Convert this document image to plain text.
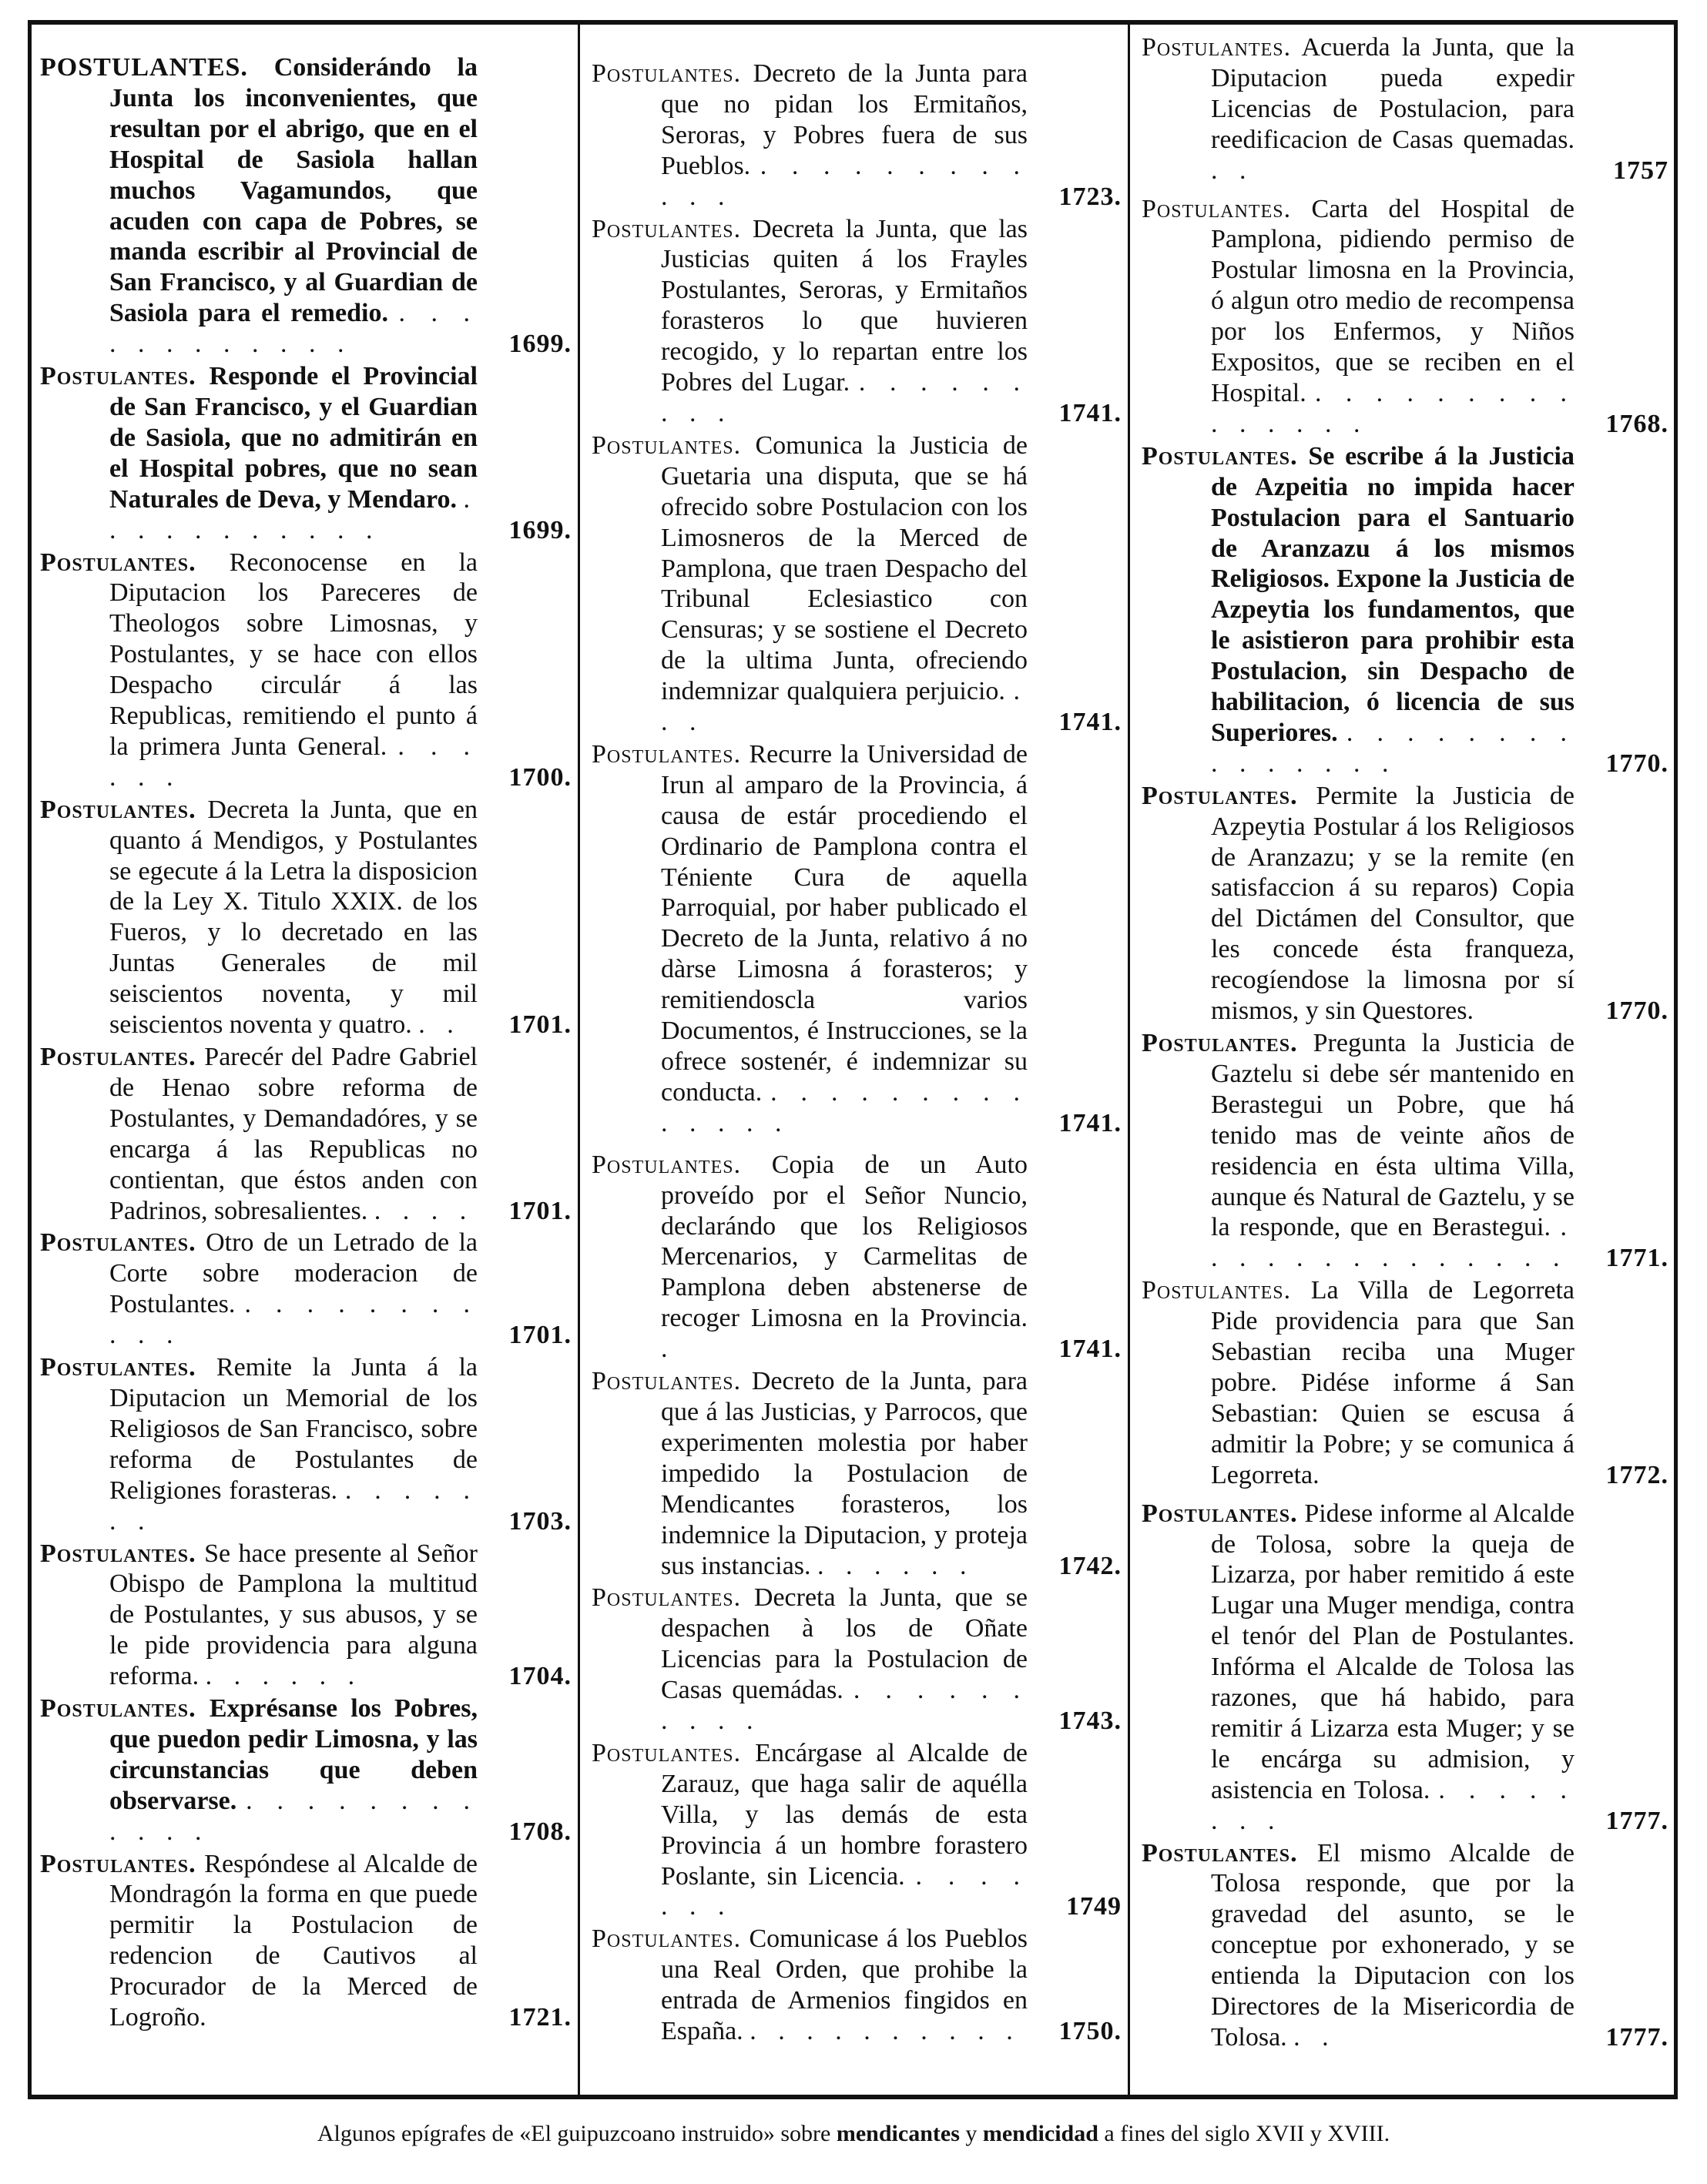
POSTULANTES. Considerándo la Junta los inconvenientes, que resultan por el abrigo, que en el Hospital de Sasiola hallan muchos Vagamundos, que acuden con capa de Pobres, se manda escribir al Provincial de San Francisco, y al Guardian de Sasiola para el remedio. . . . . . . . . . . . .	1699.

Postulantes. Responde el Provincial de San Francisco, y el Guardian de Sasiola, que no admitirán en el Hospital pobres, que no sean Naturales de Deva, y Mendaro. . . . . . . . . . . .	1699.

Postulantes. Reconocense en la Diputacion los Pareceres de Theologos sobre Limosnas, y Postulantes, y se hace con ellos Despacho circulár á las Republicas, remitiendo el punto á la primera Junta General. . . . . . .	1700.

Postulantes. Decreta la Junta, que en quanto á Mendigos, y Postulantes se egecute á la Letra la disposicion de la Ley X. Titulo XXIX. de los Fueros, y lo decretado en las Juntas Generales de mil seiscientos noventa, y mil seiscientos noventa y quatro. . .	1701.

Postulantes. Parecér del Padre Gabriel de Henao sobre reforma de Postulantes, y Demandadóres, y se encarga á las Republicas no contientan, que éstos anden con Padrinos, sobresalientes. . . . . 1701.

Postulantes. Otro de un Letrado de la Corte sobre moderacion de Postulantes. . . . . . . . . . . .	1701.

Postulantes. Remite la Junta á la Diputacion un Memorial de los Religiosos de San Francisco, sobre reforma de Postulantes de Religiones forasteras. . . . . . . .	1703.

Postulantes. Se hace presente al Señor Obispo de Pamplona la multitud de Postulantes, y sus abusos, y se le pide providencia para alguna reforma. . . . . . .	1704.

Postulantes. Exprésanse los Pobres, que puedon pedir Limosna, y las circunstancias que deben observarse. . . . . . . . . . . . .	1708.

Postulantes. Respóndese al Alcalde de Mondragón la forma en que puede permitir la Postulacion de redencion de Cautivos al Procurador de la Merced de Logroño.	1721.

Postulantes. Decreto de la Junta para que no pidan los Ermitaños, Seroras, y Pobres fuera de sus Pueblos. . . . . . . . . . . . .	1723.

Postulantes. Decreta la Junta, que las Justicias quiten á los Frayles Postulantes, Seroras, y Ermitaños forasteros lo que huvieren recogido, y lo repartan entre los Pobres del Lugar. . . . . . . . . .	1741.

Postulantes. Comunica la Justicia de Guetaria una disputa, que se há ofrecido sobre Postulacion con los Limosneros de la Merced de Pamplona, que traen Despacho del Tribunal Eclesiastico con Censuras; y se sostiene el Decreto de la ultima Junta, ofreciendo indemnizar qualquiera perjuicio. . . .	1741.

Postulantes. Recurre la Universidad de Irun al amparo de la Provincia, á causa de estár procediendo el Ordinario de Pamplona contra el Téniente Cura de aquella Parroquial, por haber publicado el Decreto de la Junta, relativo á no dàrse Limosna á forasteros; y remitiendoscla varios Documentos, é Instrucciones, se la ofrece sostenér, é indemnizar su conducta. . . . . . . . . . . . . . .	1741.

Postulantes. Copia de un Auto proveído por el Señor Nuncio, declarándo que los Religiosos Mercenarios, y Carmelitas de Pamplona deben abstenerse de recoger Limosna en la Provincia. .	1741.

Postulantes. Decreto de la Junta, para que á las Justicias, y Parrocos, que experimenten molestia por haber impedido la Postulacion de Mendicantes forasteros, los indemnice la Diputacion, y proteja sus instancias. . . . . . .	1742.

Postulantes. Decreta la Junta, que se despachen à los de Oñate Licencias para la Postulacion de Casas quemádas. . . . . . . . . . .	1743.

Postulantes. Encárgase al Alcalde de Zarauz, que haga salir de aquélla Villa, y las demás de esta Provincia á un hombre forastero Poslante, sin Licencia. . . . . . . .	1749

Postulantes. Comunicase á los Pueblos una Real Orden, que prohibe la entrada de Armenios fingidos en España. . . . . . . . . . . 1750.

Postulantes. Acuerda la Junta, que la Diputacion pueda expedir Licencias de Postulacion, para reedificacion de Casas quemadas. . .	1757

Postulantes. Carta del Hospital de Pamplona, pidiendo permiso de Postular limosna en la Provincia, ó algun otro medio de recompensa por los Enfermos, y Niños Expositos, que se reciben en el Hospital. . . . . . . . . . . . . . . .	1768.

Postulantes. Se escribe á la Justicia de Azpeitia no impida hacer Postulacion para el Santuario de Aranzazu á los mismos Religiosos. Expone la Justicia de Azpeytia los fundamentos, que le asistieron para prohibir esta Postulacion, sin Despacho de habilitacion, ó licencia de sus Superiores. . . . . . . . . . . . . . . .	1770.

Postulantes. Permite la Justicia de Azpeytia Postular á los Religiosos de Aranzazu; y se la remite (en satisfaccion á su reparos) Copia del Dictámen del Consultor, que les concede ésta franqueza, recogíendose la limosna por sí mismos, y sin Questores.	1770.

Postulantes. Pregunta la Justicia de Gaztelu si debe sér mantenido en Berastegui un Pobre, que há tenido mas de veinte años de residencia en ésta ultima Villa, aunque és Natural de Gaztelu, y se la responde, que en Berastegui. . . . . . . . . . . . . . . 1771.

Postulantes. La Villa de Legorreta Pide providencia para que San Sebastian reciba una Muger pobre. Pidése informe á San Sebastian: Quien se escusa á admitir la Pobre; y se comunica á Legorreta.	1772.

Postulantes. Pidese informe al Alcalde de Tolosa, sobre la queja de Lizarza, por haber remitido á este Lugar una Muger mendiga, contra el tenór del Plan de Postulantes. Infórma el Alcalde de Tolosa las razones, que há habido, para remitir á Lizarza esta Muger; y se le encárga su admision, y asistencia en Tolosa. . . . . . . . .	1777.

Postulantes. El mismo Alcalde de Tolosa responde, que por la gravedad del asunto, se le conceptue por exhonerado, y se entienda la Diputacion con los Directores de la Misericordia de Tolosa. . .	1777.
Algunos epígrafes de «El guipuzcoano instruido» sobre mendicantes y mendicidad a fines del siglo XVII y XVIII.
